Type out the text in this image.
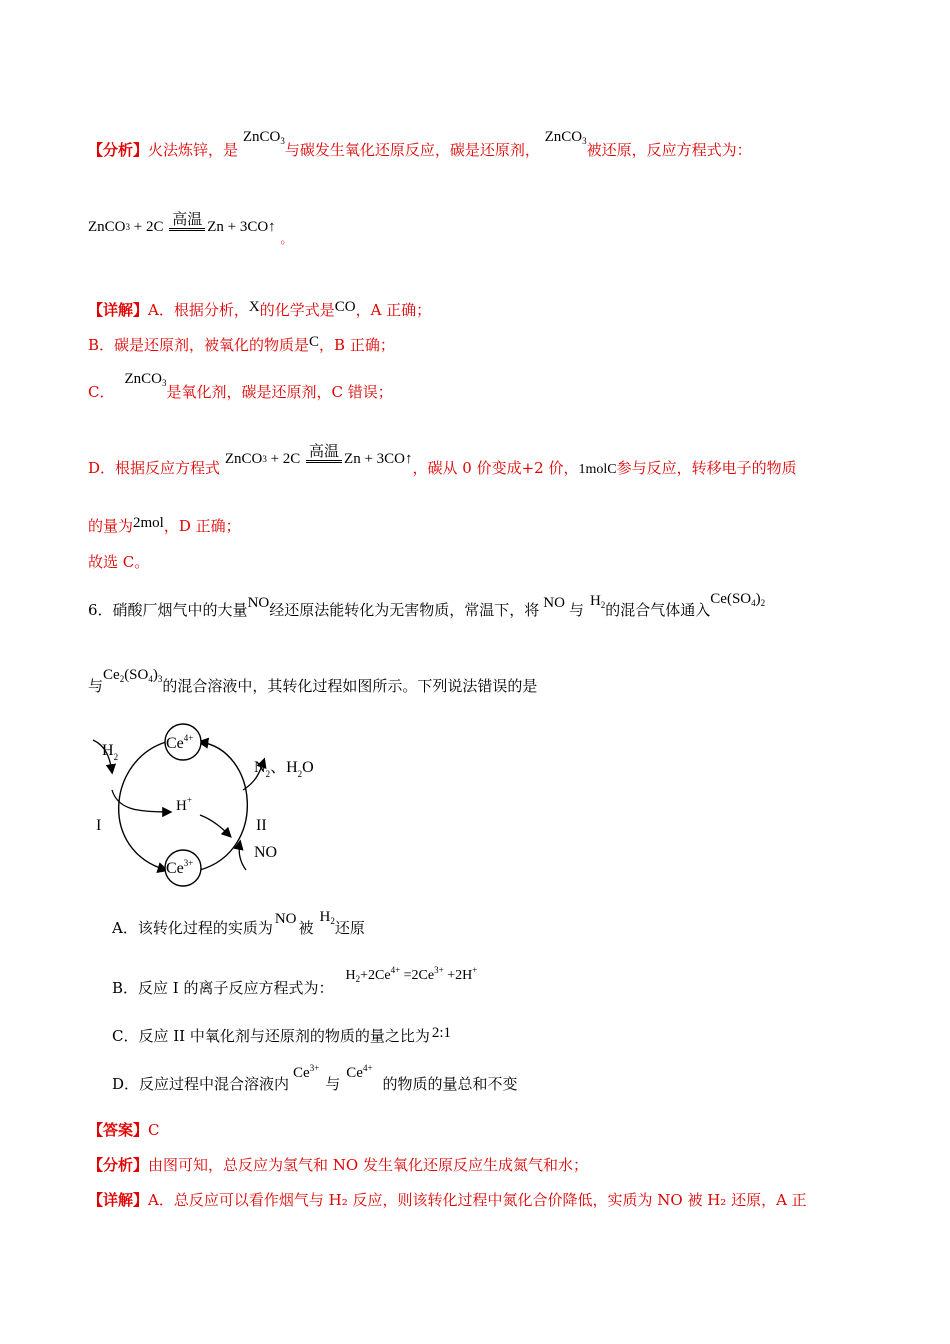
【分析】火法炼锌，是 ZnCO$_3$与碳发生氧化还原反应，碳是还原剂， ZnCO$_3$被还原，反应方程式为：
ZnCO 3 + 2C 高温 Zn + 3CO↑
$_。$
【详解】A．根据分析，X的化学式是CO，A 正确；
B．碳是还原剂，被氧化的物质是C，B 正确；
C．ZnCO$_3$是氧化剂，碳是还原剂，C 错误；
D．根据反应方程式 ZnCO 3 + 2C 高温 Zn + 3CO↑ ，碳从 0 价变成+2 价，1molC参与反应，转移电子的物质
的量为2mol，D 正确；
故选 C。
6．硝酸厂烟气中的大量NO经还原法能转化为无害物质，常温下，将 NO 与 $H_2$的混合气体通入$Ce(SO_4)_2$
与$Ce_2(SO_4)_3$的混合溶液中，其转化过程如图所示。下列说法错误的是
$Ce^{4+}$
$Ce^{3+}$
$H_2$
H+
$N_2$、$H_2O$
NO
I	II
A．该转化过程的实质为 NO 被$H_2$还原
B．反应 I 的离子反应方程式为：$H_2+2Ce^{4+} =2Ce^{3+} +2H^+$
C．反应 II 中氧化剂与还原剂的物质的量之比为 2:1
D．反应过程中混合溶液内$Ce^{3+}$与$Ce^{4+}$的物质的量总和不变
【答案】C
【分析】由图可知，总反应为氢气和 NO 发生氧化还原反应生成氮气和水；
【详解】A．总反应可以看作烟气与 H₂ 反应，则该转化过程中氮化合价降低，实质为 NO 被 H₂ 还原，A 正
